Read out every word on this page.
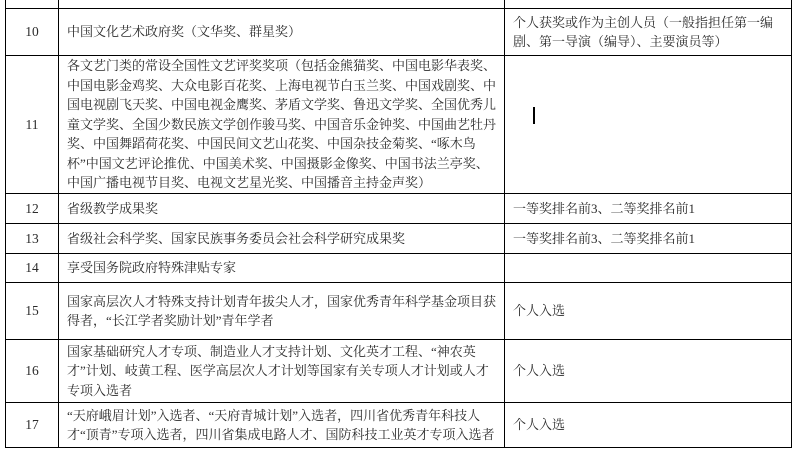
10 中国文化艺术政府奖（文华奖、群星奖）
个人获奖或作为主创人员（一般指担任第一编剧、第一导演（编导）、主要演员等）
11
各文艺门类的常设全国性文艺评奖奖项（包括金熊猫奖、中国电影华表奖、中国电影金鸡奖、大众电影百花奖、上海电视节白玉兰奖、中国戏剧奖、中国电视剧飞天奖、中国电视金鹰奖、茅盾文学奖、鲁迅文学奖、全国优秀儿童文学奖、全国少数民族文学创作骏马奖、中国音乐金钟奖、中国曲艺牡丹奖、中国舞蹈荷花奖、中国民间文艺山花奖、中国杂技金菊奖、“啄木鸟杯”中国文艺评论推优、中国美术奖、中国摄影金像奖、中国书法兰亭奖、中国广播电视节目奖、电视文艺星光奖、中国播音主持金声奖）
12 省级教学成果奖	一等奖排名前3、二等奖排名前1
13 省级社会科学奖、国家民族事务委员会社会科学研究成果奖	一等奖排名前3、二等奖排名前1
14 享受国务院政府特殊津贴专家
15
国家高层次人才特殊支持计划青年拔尖人才，国家优秀青年科学基金项目获得者，“长江学者奖励计划”青年学者
个人入选
16
国家基础研究人才专项、制造业人才支持计划、文化英才工程、“神农英才”计划、岐黄工程、医学高层次人才计划等国家有关专项人才计划或人才专项入选者
个人入选
17
“天府峨眉计划”入选者、“天府青城计划”入选者，四川省优秀青年科技人才“顶青”专项入选者，四川省集成电路人才、国防科技工业英才专项入选者
个人入选
